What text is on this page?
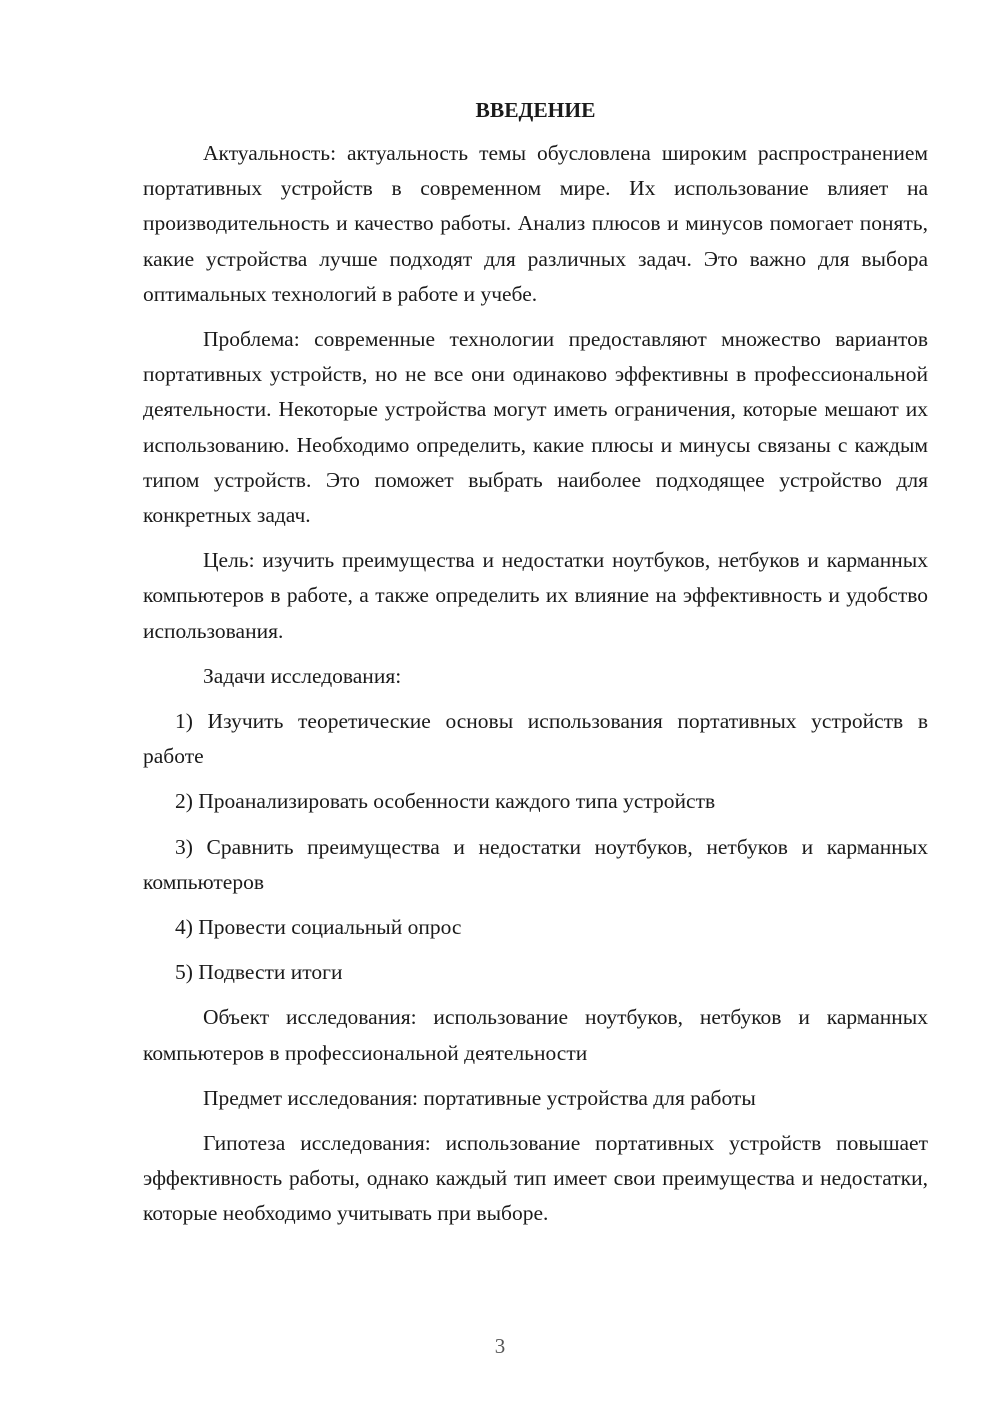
ВВЕДЕНИЕ

Актуальность: актуальность темы обусловлена широким распространением портативных устройств в современном мире. Их использование влияет на производительность и качество работы. Анализ плюсов и минусов помогает понять, какие устройства лучше подходят для различных задач. Это важно для выбора оптимальных технологий в работе и учебе.

Проблема: современные технологии предоставляют множество вариантов портативных устройств, но не все они одинаково эффективны в профессиональной деятельности. Некоторые устройства могут иметь ограничения, которые мешают их использованию. Необходимо определить, какие плюсы и минусы связаны с каждым типом устройств. Это поможет выбрать наиболее подходящее устройство для конкретных задач.

Цель: изучить преимущества и недостатки ноутбуков, нетбуков и карманных компьютеров в работе, а также определить их влияние на эффективность и удобство использования.

Задачи исследования:

1) Изучить теоретические основы использования портативных устройств в работе

2) Проанализировать особенности каждого типа устройств

3) Сравнить преимущества и недостатки ноутбуков, нетбуков и карманных компьютеров

4) Провести социальный опрос

5) Подвести итоги

Объект исследования: использование ноутбуков, нетбуков и карманных компьютеров в профессиональной деятельности

Предмет исследования: портативные устройства для работы

Гипотеза исследования: использование портативных устройств повышает эффективность работы, однако каждый тип имеет свои преимущества и недостатки, которые необходимо учитывать при выборе.

3
